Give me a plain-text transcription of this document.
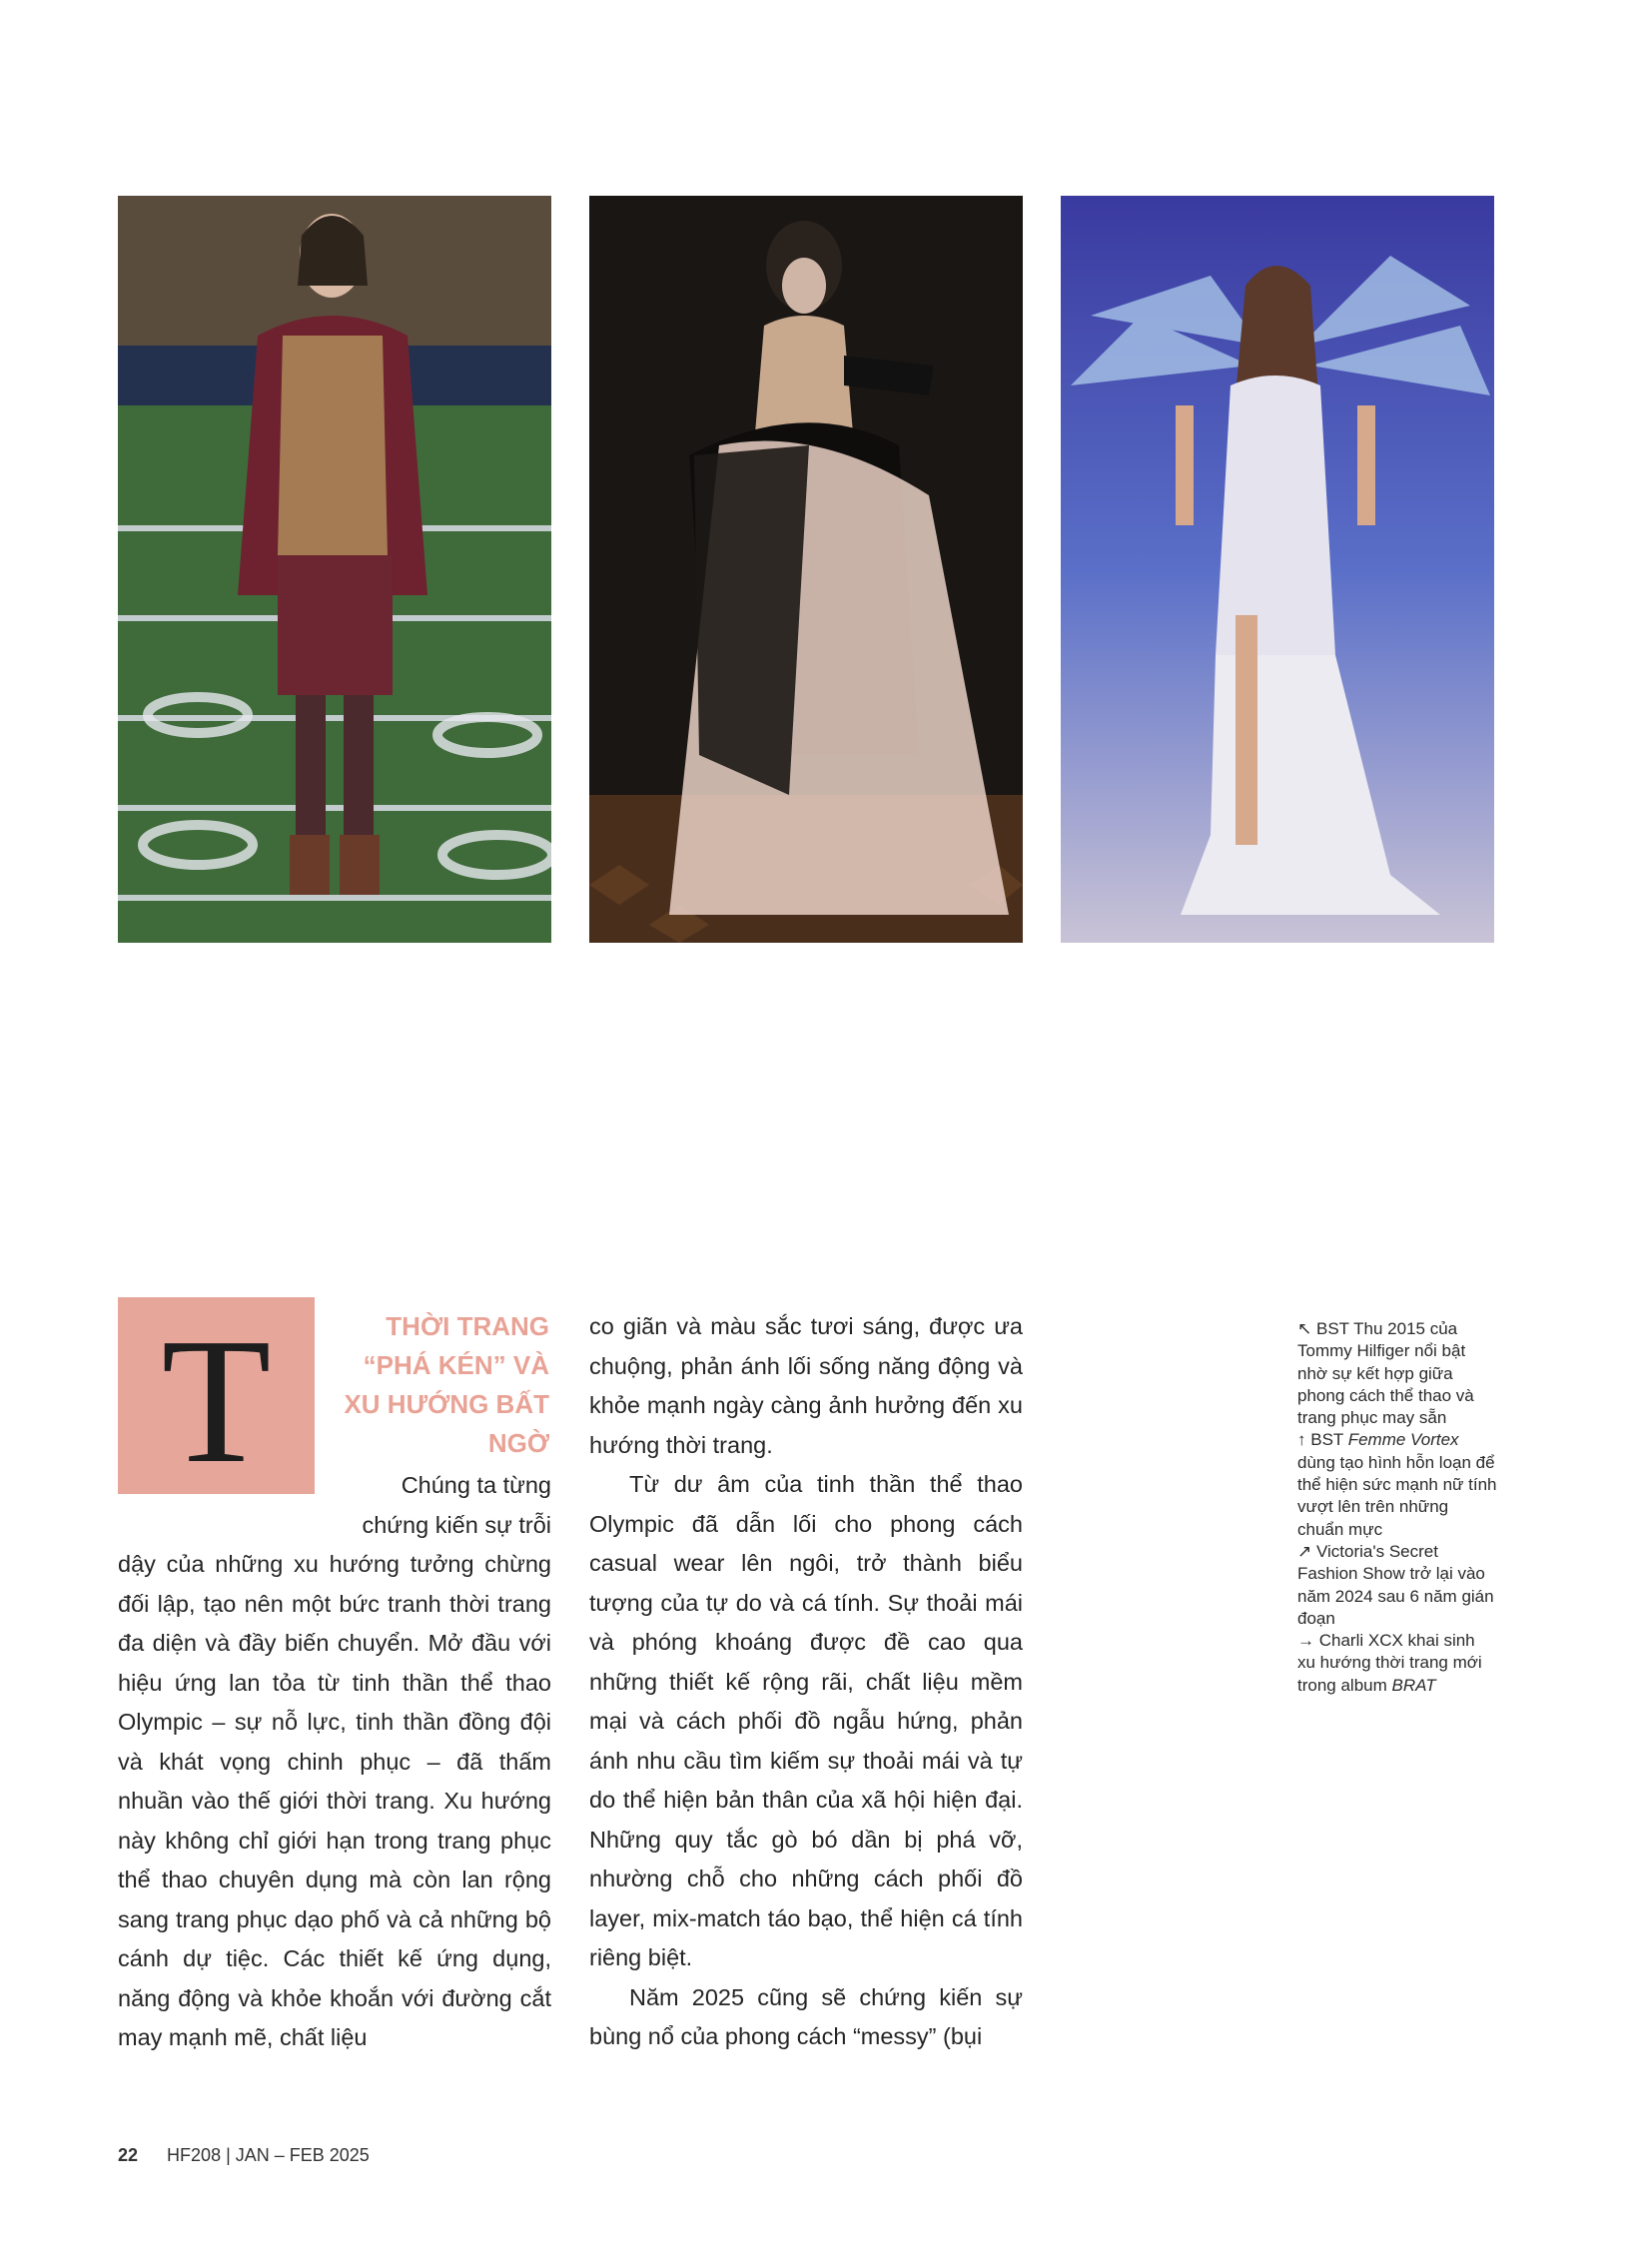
T	THỜI TRANG “PHÁ KÉN” VÀ XU HƯỚNG BẤT NGỜ
Chúng ta từng chứng kiến sự trỗi
dậy của những xu hướng tưởng chừng đối lập, tạo nên một bức tranh thời trang đa diện và đầy biến chuyển. Mở đầu với hiệu ứng lan tỏa từ tinh thần thể thao Olympic – sự nỗ lực, tinh thần đồng đội và khát vọng chinh phục – đã thấm nhuần vào thế giới thời trang. Xu hướng này không chỉ giới hạn trong trang phục thể thao chuyên dụng mà còn lan rộng sang trang phục dạo phố và cả những bộ cánh dự tiệc. Các thiết kế ứng dụng, năng động và khỏe khoắn với đường cắt may mạnh mẽ, chất liệu

co giãn và màu sắc tươi sáng, được ưa chuộng, phản ánh lối sống năng động và khỏe mạnh ngày càng ảnh hưởng đến xu hướng thời trang.

Từ dư âm của tinh thần thể thao Olympic đã dẫn lối cho phong cách casual wear lên ngôi, trở thành biểu tượng của tự do và cá tính. Sự thoải mái và phóng khoáng được đề cao qua những thiết kế rộng rãi, chất liệu mềm mại và cách phối đồ ngẫu hứng, phản ánh nhu cầu tìm kiếm sự thoải mái và tự do thể hiện bản thân của xã hội hiện đại. Những quy tắc gò bó dần bị phá vỡ, nhường chỗ cho những cách phối đồ layer, mix-match táo bạo, thể hiện cá tính riêng biệt.

Năm 2025 cũng sẽ chứng kiến sự bùng nổ của phong cách “messy” (bụi

↖ BST Thu 2015 của Tommy Hilfiger nổi bật nhờ sự kết hợp giữa phong cách thể thao và trang phục may sẵn
↑ BST Femme Vortex dùng tạo hình hỗn loạn để thể hiện sức mạnh nữ tính vượt lên trên những chuẩn mực
↗ Victoria's Secret Fashion Show trở lại vào năm 2024 sau 6 năm gián đoạn
→ Charli XCX khai sinh xu hướng thời trang mới trong album BRAT
22 HF208 | JAN – FEB 2025
